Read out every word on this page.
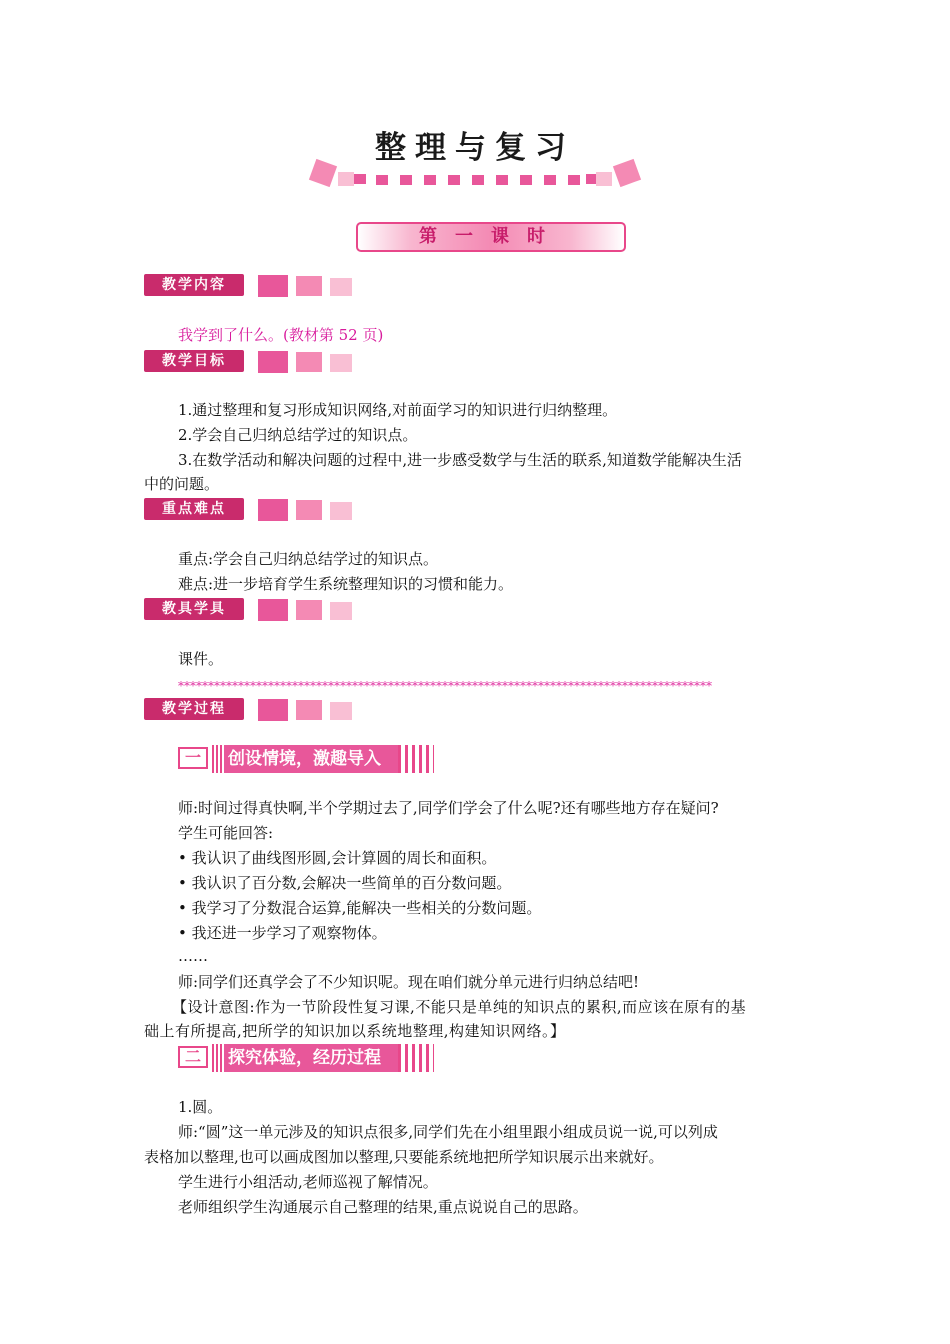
整理与复习
第一课时
教学内容
我学到了什么。(教材第 52 页)
教学目标
1.通过整理和复习形成知识网络,对前面学习的知识进行归纳整理。
2.学会自己归纳总结学过的知识点。
3.在数学活动和解决问题的过程中,进一步感受数学与生活的联系,知道数学能解决生活
中的问题。
重点难点
重点:学会自己归纳总结学过的知识点。
难点:进一步培育学生系统整理知识的习惯和能力。
教具学具
课件。
*****************************************************************************************
教学过程
一	创设情境，激趣导入
师:时间过得真快啊,半个学期过去了,同学们学会了什么呢?还有哪些地方存在疑问?
学生可能回答:
• 我认识了曲线图形圆,会计算圆的周长和面积。
• 我认识了百分数,会解决一些简单的百分数问题。
• 我学习了分数混合运算,能解决一些相关的分数问题。
• 我还进一步学习了观察物体。
……
师:同学们还真学会了不少知识呢。现在咱们就分单元进行归纳总结吧!
【设计意图:作为一节阶段性复习课,不能只是单纯的知识点的累积,而应该在原有的基
础上有所提高,把所学的知识加以系统地整理,构建知识网络。】
二	探究体验，经历过程
1.圆。
师:“圆”这一单元涉及的知识点很多,同学们先在小组里跟小组成员说一说,可以列成
表格加以整理,也可以画成图加以整理,只要能系统地把所学知识展示出来就好。
学生进行小组活动,老师巡视了解情况。
老师组织学生沟通展示自己整理的结果,重点说说自己的思路。
